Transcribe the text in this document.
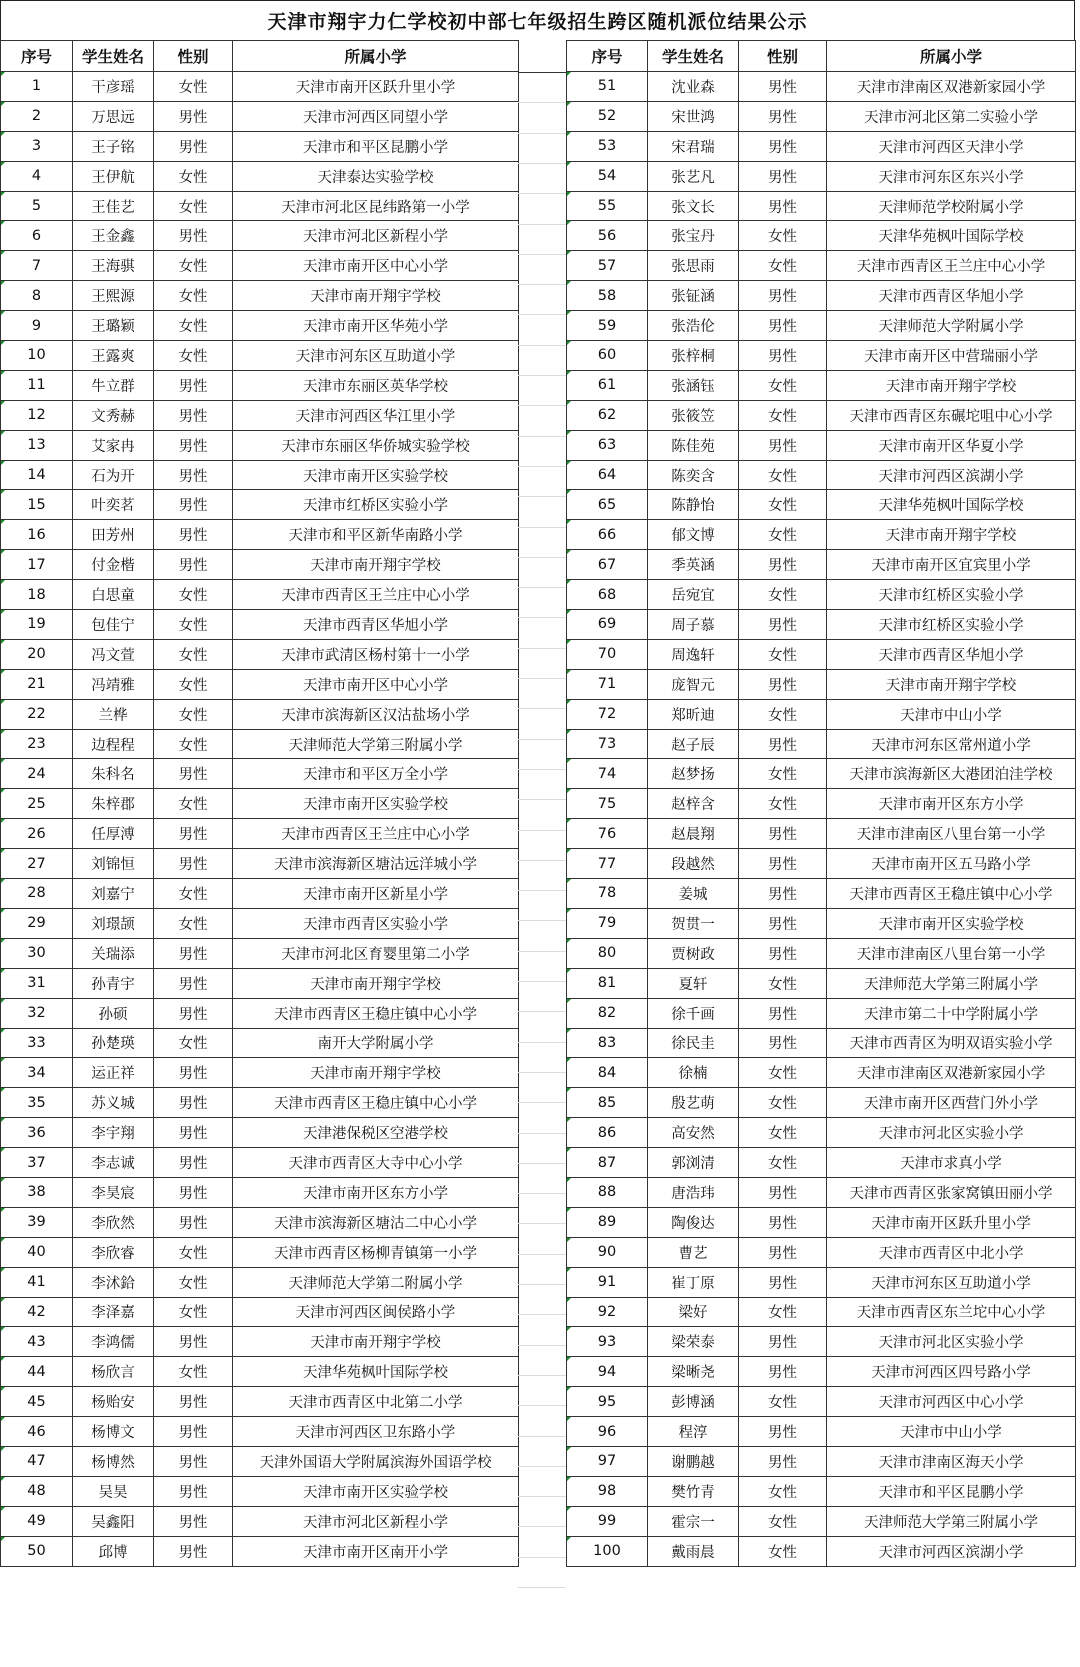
天津市翔宇力仁学校初中部七年级招生跨区随机派位结果公示
序号	学生姓名	性别	所属小学
1	干彦瑶	女性	天津市南开区跃升里小学
2	万思远	男性	天津市河西区同望小学
3	王子铭	男性	天津市和平区昆鹏小学
4	王伊航	女性	天津泰达实验学校
5	王佳艺	女性	天津市河北区昆纬路第一小学
6	王金鑫	男性	天津市河北区新程小学
7	王海骐	女性	天津市南开区中心小学
8	王熙源	女性	天津市南开翔宇学校
9	王璐颖	女性	天津市南开区华苑小学
10	王露爽	女性	天津市河东区互助道小学
11	牛立群	男性	天津市东丽区英华学校
12	文秀赫	男性	天津市河西区华江里小学
13	艾家冉	男性	天津市东丽区华侨城实验学校
14	石为开	男性	天津市南开区实验学校
15	叶奕茗	男性	天津市红桥区实验小学
16	田芳州	男性	天津市和平区新华南路小学
17	付金楷	男性	天津市南开翔宇学校
18	白思童	女性	天津市西青区王兰庄中心小学
19	包佳宁	女性	天津市西青区华旭小学
20	冯文萱	女性	天津市武清区杨村第十一小学
21	冯靖雅	女性	天津市南开区中心小学
22	兰桦	女性	天津市滨海新区汉沽盐场小学
23	边程程	女性	天津师范大学第三附属小学
24	朱科名	男性	天津市和平区万全小学
25	朱梓郡	女性	天津市南开区实验学校
26	任厚溥	男性	天津市西青区王兰庄中心小学
27	刘锦恒	男性	天津市滨海新区塘沽远洋城小学
28	刘嘉宁	女性	天津市南开区新星小学
29	刘璟颉	女性	天津市西青区实验小学
30	关瑞添	男性	天津市河北区育婴里第二小学
31	孙青宇	男性	天津市南开翔宇学校
32	孙硕	男性	天津市西青区王稳庄镇中心小学
33	孙楚瑛	女性	南开大学附属小学
34	运正祥	男性	天津市南开翔宇学校
35	苏义城	男性	天津市西青区王稳庄镇中心小学
36	李宇翔	男性	天津港保税区空港学校
37	李志诚	男性	天津市西青区大寺中心小学
38	李昊宸	男性	天津市南开区东方小学
39	李欣然	男性	天津市滨海新区塘沽二中心小学
40	李欣睿	女性	天津市西青区杨柳青镇第一小学
41	李沭鉿	女性	天津师范大学第二附属小学
42	李泽嘉	女性	天津市河西区闽侯路小学
43	李鸿儒	男性	天津市南开翔宇学校
44	杨欣言	女性	天津华苑枫叶国际学校
45	杨贻安	男性	天津市西青区中北第二小学
46	杨博文	男性	天津市河西区卫东路小学
47	杨博然	男性	天津外国语大学附属滨海外国语学校
48	吴昊	男性	天津市南开区实验学校
49	吴鑫阳	男性	天津市河北区新程小学
50	邱博	男性	天津市南开区南开小学
序号	学生姓名	性别	所属小学
51	沈业森	男性	天津市津南区双港新家园小学
52	宋世鸿	男性	天津市河北区第二实验小学
53	宋君瑞	男性	天津市河西区天津小学
54	张艺凡	男性	天津市河东区东兴小学
55	张文长	男性	天津师范学校附属小学
56	张宝丹	女性	天津华苑枫叶国际学校
57	张思雨	女性	天津市西青区王兰庄中心小学
58	张钲涵	男性	天津市西青区华旭小学
59	张浩伦	男性	天津师范大学附属小学
60	张梓桐	男性	天津市南开区中营瑞丽小学
61	张涵钰	女性	天津市南开翔宇学校
62	张筱笠	女性	天津市西青区东碾坨咀中心小学
63	陈佳苑	男性	天津市南开区华夏小学
64	陈奕含	女性	天津市河西区滨湖小学
65	陈静怡	女性	天津华苑枫叶国际学校
66	郁文博	女性	天津市南开翔宇学校
67	季英涵	男性	天津市南开区宜宾里小学
68	岳宛宜	女性	天津市红桥区实验小学
69	周子慕	男性	天津市红桥区实验小学
70	周逸轩	女性	天津市西青区华旭小学
71	庞智元	男性	天津市南开翔宇学校
72	郑昕迪	女性	天津市中山小学
73	赵子辰	男性	天津市河东区常州道小学
74	赵梦扬	女性	天津市滨海新区大港团泊洼学校
75	赵梓含	女性	天津市南开区东方小学
76	赵晨翔	男性	天津市津南区八里台第一小学
77	段越然	男性	天津市南开区五马路小学
78	姜城	男性	天津市西青区王稳庄镇中心小学
79	贺贯一	男性	天津市南开区实验学校
80	贾树政	男性	天津市津南区八里台第一小学
81	夏轩	女性	天津师范大学第三附属小学
82	徐千画	男性	天津市第二十中学附属小学
83	徐民圭	男性	天津市西青区为明双语实验小学
84	徐楠	女性	天津市津南区双港新家园小学
85	殷艺萌	女性	天津市南开区西营门外小学
86	高安然	女性	天津市河北区实验小学
87	郭浏清	女性	天津市求真小学
88	唐浩玮	男性	天津市西青区张家窝镇田丽小学
89	陶俊达	男性	天津市南开区跃升里小学
90	曹艺	男性	天津市西青区中北小学
91	崔丁原	男性	天津市河东区互助道小学
92	梁好	女性	天津市西青区东兰坨中心小学
93	梁荣泰	男性	天津市河北区实验小学
94	梁晰尧	男性	天津市河西区四号路小学
95	彭博涵	女性	天津市河西区中心小学
96	程淳	男性	天津市中山小学
97	谢鹏越	男性	天津市津南区海天小学
98	樊竹青	女性	天津市和平区昆鹏小学
99	霍宗一	女性	天津师范大学第三附属小学
100	戴雨晨	女性	天津市河西区滨湖小学
